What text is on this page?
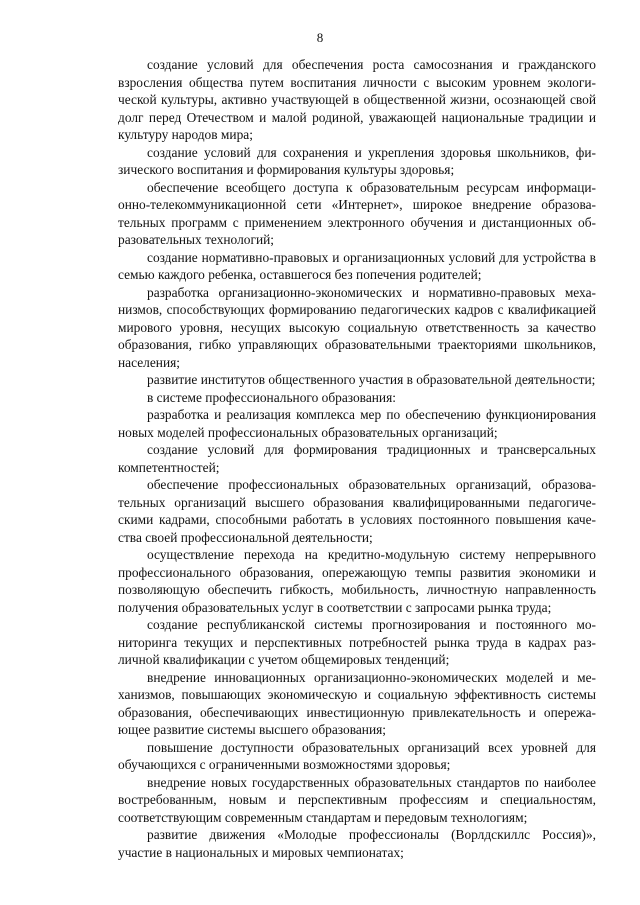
8

создание условий для обеспечения роста самосознания и гражданского взросления общества путем воспитания личности с высоким уровнем экологической культуры, активно участвующей в общественной жизни, осознающей свой долг перед Отечеством и малой родиной, уважающей национальные традиции и культуру народов мира;

создание условий для сохранения и укрепления здоровья школьников, физического воспитания и формирования культуры здоровья;

обеспечение всеобщего доступа к образовательным ресурсам информационно-телекоммуникационной сети «Интернет», широкое внедрение образовательных программ с применением электронного обучения и дистанционных образовательных технологий;

создание нормативно-правовых и организационных условий для устройства в семью каждого ребенка, оставшегося без попечения родителей;

разработка организационно-экономических и нормативно-правовых механизмов, способствующих формированию педагогических кадров с квалификацией мирового уровня, несущих высокую социальную ответственность за качество образования, гибко управляющих образовательными траекториями школьников, населения;

развитие институтов общественного участия в образовательной деятельности;

в системе профессионального образования:

разработка и реализация комплекса мер по обеспечению функционирования новых моделей профессиональных образовательных организаций;

создание условий для формирования традиционных и трансверсальных компетентностей;

обеспечение профессиональных образовательных организаций, образовательных организаций высшего образования квалифицированными педагогическими кадрами, способными работать в условиях постоянного повышения качества своей профессиональной деятельности;

осуществление перехода на кредитно-модульную систему непрерывного профессионального образования, опережающую темпы развития экономики и позволяющую обеспечить гибкость, мобильность, личностную направленность получения образовательных услуг в соответствии с запросами рынка труда;

создание республиканской системы прогнозирования и постоянного мониторинга текущих и перспективных потребностей рынка труда в кадрах различной квалификации с учетом общемировых тенденций;

внедрение инновационных организационно-экономических моделей и механизмов, повышающих экономическую и социальную эффективность системы образования, обеспечивающих инвестиционную привлекательность и опережающее развитие системы высшего образования;

повышение доступности образовательных организаций всех уровней для обучающихся с ограниченными возможностями здоровья;

внедрение новых государственных образовательных стандартов по наиболее востребованным, новым и перспективным профессиям и специальностям, соответствующим современным стандартам и передовым технологиям;

развитие движения «Молодые профессионалы (Ворлдскиллс Россия)», участие в национальных и мировых чемпионатах;
